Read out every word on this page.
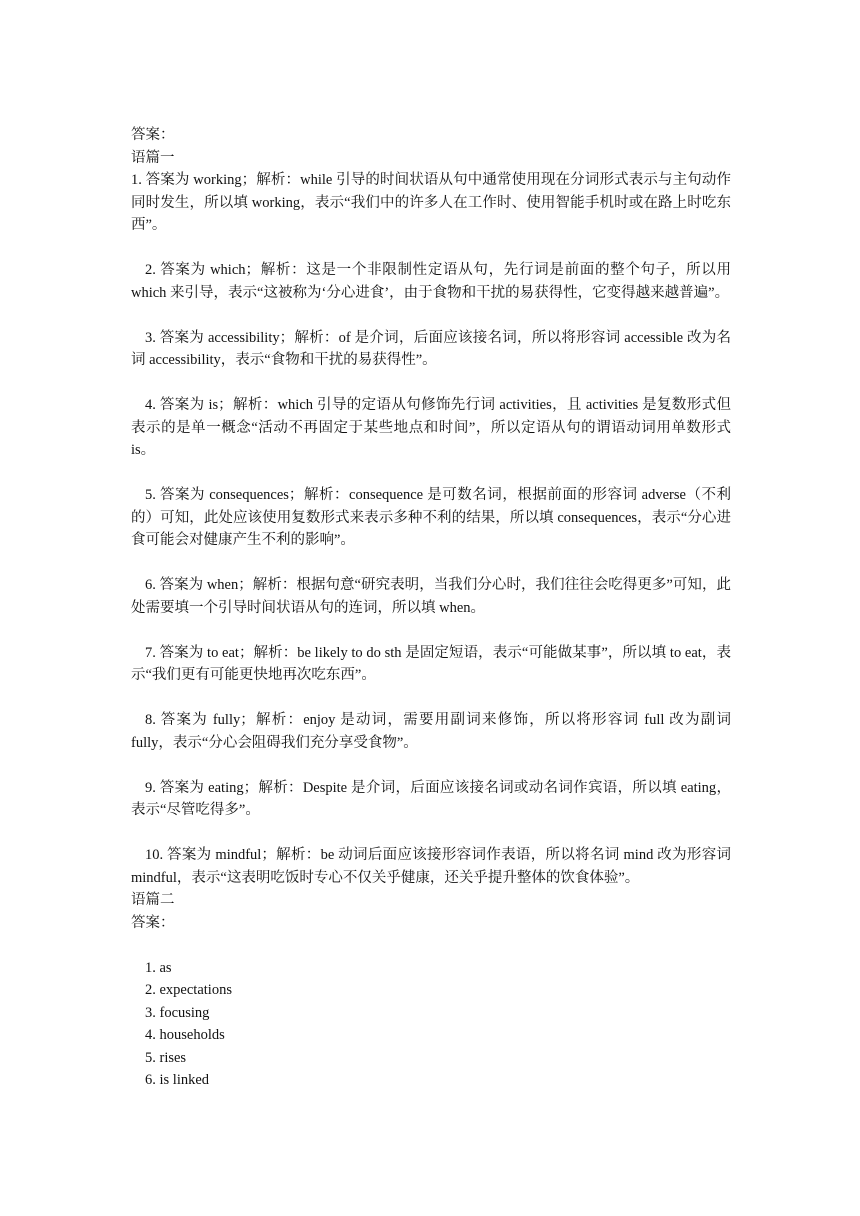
答案：
语篇一
1. 答案为 working；解析：while 引导的时间状语从句中通常使用现在分词形式表示与主句动作同时发生，所以填 working，表示“我们中的许多人在工作时、使用智能手机时或在路上时吃东西”。
2. 答案为 which；解析：这是一个非限制性定语从句，先行词是前面的整个句子，所以用 which 来引导，表示“这被称为‘分心进食’，由于食物和干扰的易获得性，它变得越来越普遍”。
3. 答案为 accessibility；解析：of 是介词，后面应该接名词，所以将形容词 accessible 改为名词 accessibility，表示“食物和干扰的易获得性”。
4. 答案为 is；解析：which 引导的定语从句修饰先行词 activities，且 activities 是复数形式但表示的是单一概念“活动不再固定于某些地点和时间”，所以定语从句的谓语动词用单数形式 is。
5. 答案为 consequences；解析：consequence 是可数名词，根据前面的形容词 adverse（不利的）可知，此处应该使用复数形式来表示多种不利的结果，所以填 consequences，表示“分心进食可能会对健康产生不利的影响”。
6. 答案为 when；解析：根据句意“研究表明，当我们分心时，我们往往会吃得更多”可知，此处需要填一个引导时间状语从句的连词，所以填 when。
7. 答案为 to eat；解析：be likely to do sth 是固定短语，表示“可能做某事”，所以填 to eat，表示“我们更有可能更快地再次吃东西”。
8. 答案为 fully；解析：enjoy 是动词，需要用副词来修饰，所以将形容词 full 改为副词 fully，表示“分心会阻碍我们充分享受食物”。
9. 答案为 eating；解析：Despite 是介词，后面应该接名词或动名词作宾语，所以填 eating，表示“尽管吃得多”。
10. 答案为 mindful；解析：be 动词后面应该接形容词作表语，所以将名词 mind 改为形容词 mindful，表示“这表明吃饭时专心不仅关乎健康，还关乎提升整体的饮食体验”。
语篇二
答案：
1. as
2. expectations
3. focusing
4. households
5. rises
6. is linked
